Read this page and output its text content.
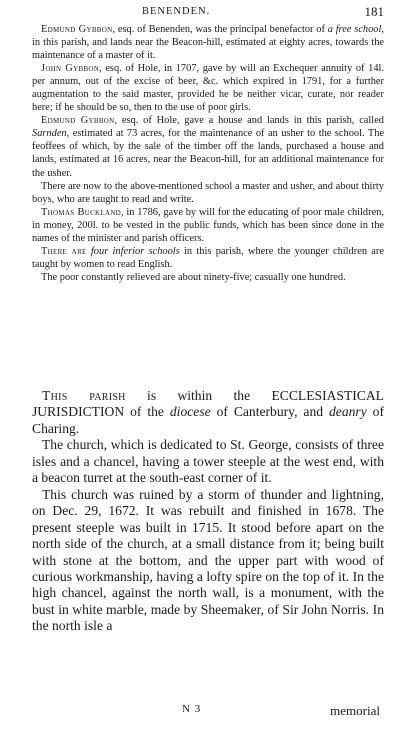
BENENDEN.	181

Edmund Gybbon, esq. of Benenden, was the principal benefactor of a free school, in this parish, and lands near the Beacon-hill, estimated at eighty acres, towards the maintenance of a master of it.

John Gybbon, esq. of Hole, in 1707, gave by will an Exchequer annuity of 14l. per annum, out of the excise of beer, &c. which expired in 1791, for a further augmentation to the said master, provided he be neither vicar, curate, nor reader here; if he should be so, then to the use of poor girls.

Edmund Gybbon, esq. of Hole, gave a house and lands in this parish, called Sarnden, estimated at 73 acres, for the maintenance of an usher to the school. The feoffees of which, by the sale of the timber off the lands, purchased a house and lands, estimated at 16 acres, near the Beacon-hill, for an additional maintenance for the usher.

There are now to the above-mentioned school a master and usher, and about thirty boys, who are taught to read and write.

Thomas Buckland, in 1786, gave by will for the educating of poor male children, in money, 200l. to be vested in the public funds, which has been since done in the names of the minister and parish officers.

There are four inferior schools in this parish, where the younger children are taught by women to read English.

The poor constantly relieved are about ninety-five; casually one hundred.

This parish is within the ECCLESIASTICAL JURISDICTION of the diocese of Canterbury, and deanry of Charing.

The church, which is dedicated to St. George, consists of three isles and a chancel, having a tower steeple at the west end, with a beacon turret at the south-east corner of it.

This church was ruined by a storm of thunder and lightning, on Dec. 29, 1672. It was rebuilt and finished in 1678. The present steeple was built in 1715. It stood before apart on the north side of the church, at a small distance from it; being built with stone at the bottom, and the upper part with wood of curious workmanship, having a lofty spire on the top of it. In the high chancel, against the north wall, is a monument, with the bust in white marble, made by Sheemaker, of Sir John Norris. In the north isle a

N 3	memorial
